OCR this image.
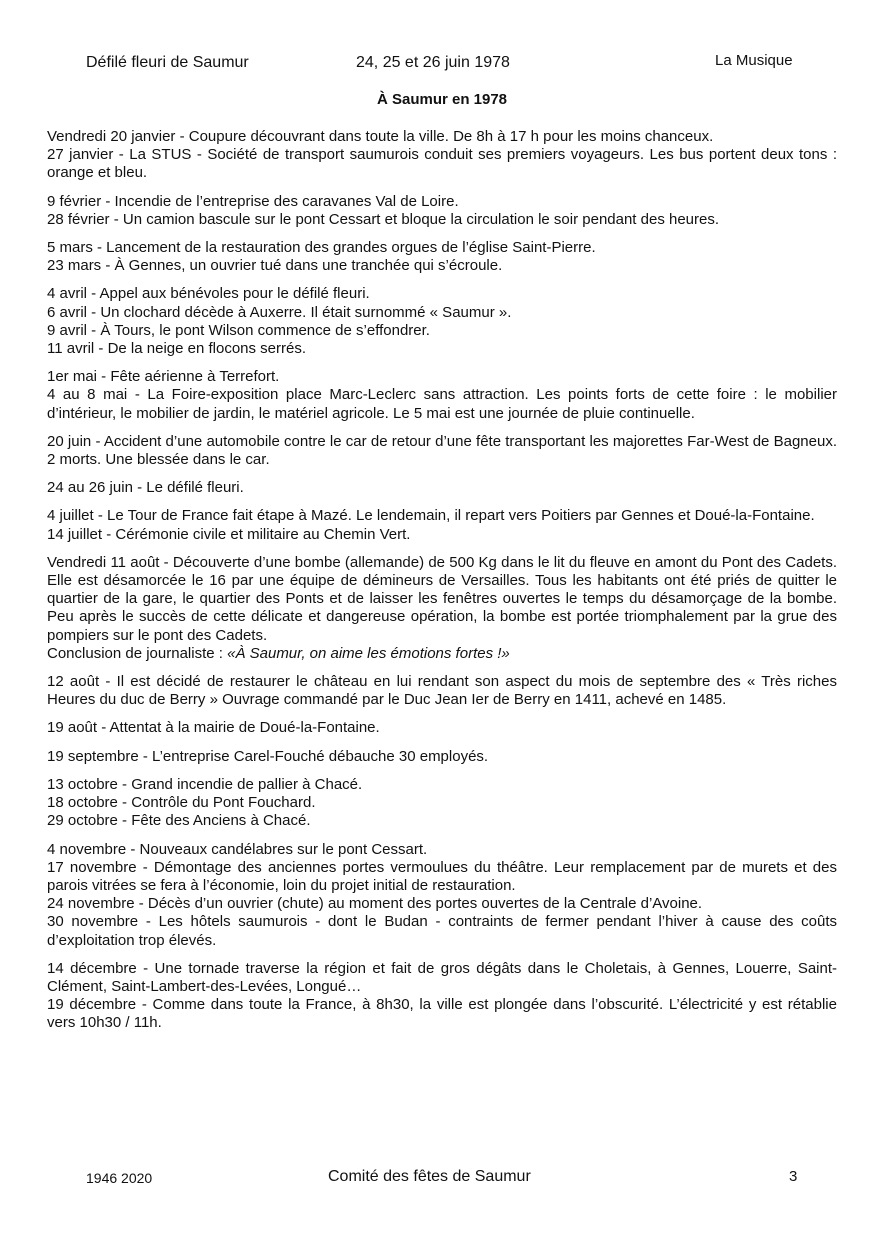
Défilé fleuri de Saumur	24, 25 et 26 juin 1978	La Musique
À Saumur en 1978

Vendredi 20 janvier - Coupure découvrant dans toute la ville. De 8h à 17 h pour les moins chanceux.
27 janvier - La STUS - Société de transport saumurois conduit ses premiers voyageurs. Les bus portent deux tons : orange et bleu.

9 février - Incendie de l’entreprise des caravanes Val de Loire.
28 février - Un camion bascule sur le pont Cessart et bloque la circulation le soir pendant des heures.

5 mars - Lancement de la restauration des grandes orgues de l’église Saint-Pierre.
23 mars - À Gennes, un ouvrier tué dans une tranchée qui s’écroule.

4 avril - Appel aux bénévoles pour le défilé fleuri.
6 avril - Un clochard décède à Auxerre. Il était surnommé « Saumur ».
9 avril - À Tours, le pont Wilson commence de s’effondrer.
11 avril - De la neige en flocons serrés.

1er mai - Fête aérienne à Terrefort.
4 au 8 mai - La Foire-exposition place Marc-Leclerc sans attraction. Les points forts de cette foire : le mobilier d’intérieur, le mobilier de jardin, le matériel agricole. Le 5 mai est une journée de pluie continuelle.

20 juin - Accident d’une automobile contre le car de retour d’une fête transportant les majorettes Far-West de Bagneux. 2 morts. Une blessée dans le car.

24 au 26 juin - Le défilé fleuri.

4 juillet - Le Tour de France fait étape à Mazé. Le lendemain, il repart vers Poitiers par Gennes et Doué-la-Fontaine.
14 juillet - Cérémonie civile et militaire au Chemin Vert.

Vendredi 11 août - Découverte d’une bombe (allemande) de 500 Kg dans le lit du fleuve en amont du Pont des Cadets. Elle est désamorcée le 16 par une équipe de démineurs de Versailles. Tous les habitants ont été priés de quitter le quartier de la gare, le quartier des Ponts et de laisser les fenêtres ouvertes le temps du désamorçage de la bombe. Peu après le succès de cette délicate et dangereuse opération, la bombe est portée triomphalement par la grue des pompiers sur le pont des Cadets.
Conclusion de journaliste : «À Saumur, on aime les émotions fortes !»

12 août - Il est décidé de restaurer le château en lui rendant son aspect du mois de septembre des « Très riches Heures du duc de Berry » Ouvrage commandé par le Duc Jean Ier de Berry en 1411, achevé en 1485.

19 août - Attentat à la mairie de Doué-la-Fontaine.

19 septembre - L’entreprise Carel-Fouché débauche 30 employés.

13 octobre - Grand incendie de pallier à Chacé.
18 octobre - Contrôle du Pont Fouchard.
29 octobre - Fête des Anciens à Chacé.

4 novembre - Nouveaux candélabres sur le pont Cessart.
17 novembre - Démontage des anciennes portes vermoulues du théâtre. Leur remplacement par de murets et des parois vitrées se fera à l’économie, loin du projet initial de restauration.
24 novembre - Décès d’un ouvrier (chute) au moment des portes ouvertes de la Centrale d’Avoine.
30 novembre - Les hôtels saumurois - dont le Budan - contraints de fermer pendant l’hiver à cause des coûts d’exploitation trop élevés.

14 décembre - Une tornade traverse la région et fait de gros dégâts dans le Choletais, à Gennes, Louerre, Saint-Clément, Saint-Lambert-des-Levées, Longué…
19 décembre - Comme dans toute la France, à 8h30, la ville est plongée dans l’obscurité. L’électricité y est rétablie vers 10h30 / 11h.

1946 2020	Comité des fêtes de Saumur	3
